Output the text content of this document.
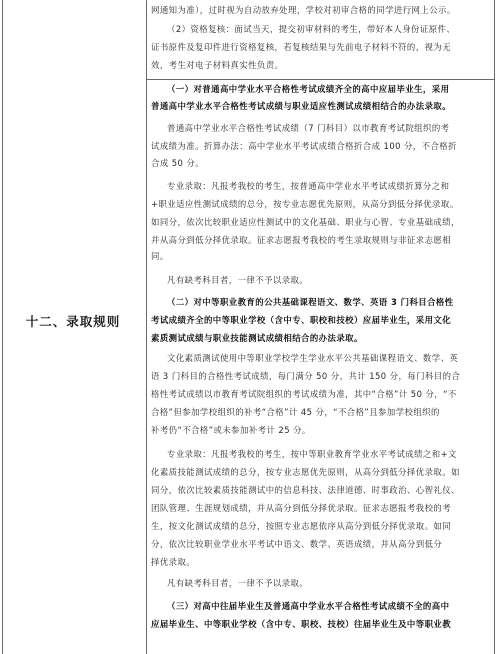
十二、录取规则
网通知为准），过时视为自动放弃处理，学校对初审合格的同学进行网上公示。
（2）资格复核：面试当天，提交初审材料的考生，带好本人身份证原件、
证书原件及复印件进行资格复核，若复核结果与先前电子材料不符的，视为无
效，考生对电子材料真实性负责。
（一）对普通高中学业水平合格性考试成绩齐全的高中应届毕业生，采用
普通高中学业水平合格性考试成绩与职业适应性测试成绩相结合的办法录取。
普通高中学业水平合格性考试成绩（7 门科目）以市教育考试院组织的考
试成绩为准。折算办法：高中学业水平考试成绩合格折合成 100 分，不合格折
合成 50 分。
专业录取：凡报考我校的考生，按普通高中学业水平考试成绩折算分之和
+职业适应性测试成绩的总分，按专业志愿优先原则，从高分到低分择优录取。
如同分，依次比较职业适应性测试中的文化基础、职业与心智、专业基础成绩，
并从高分到低分择优录取。征求志愿报考我校的考生录取规则与非征求志愿相
同。
凡有缺考科目者，一律不予以录取。
（二）对中等职业教育的公共基础课程语文、数学、英语 3 门科目合格性
考试成绩齐全的中等职业学校（含中专、职校和技校）应届毕业生，采用文化
素质测试成绩与职业技能测试成绩相结合的办法录取。
文化素质测试使用中等职业学校学生学业水平公共基础课程语文、数学、英
语 3 门科目的合格性考试成绩，每门满分 50 分，共计 150 分，每门科目的合
格性考试成绩以市教育考试院组织的考试成绩为准，其中“合格”计 50 分，“不
合格”但参加学校组织的补考“合格”计 45 分，“不合格”且参加学校组织的
补考仍“不合格”或未参加补考计 25 分。
专业录取：凡报考我校的考生，按中等职业教育学业水平考试成绩之和+文
化素质技能测试成绩的总分，按专业志愿优先原则，从高分到低分择优录取。如
同分，依次比较素质技能测试中的信息科技、法律道德、时事政治、心智礼仪、
团队管理、生涯规划成绩，并从高分到低分择优录取。征求志愿报考我校的考
生，按文化测试成绩的总分，按照专业志愿依序从高分到低分择优录取。如同
分，依次比较职业学业水平考试中语文、数学、英语成绩，并从高分到低分
择优录取。
凡有缺考科目者，一律不予以录取。
（三）对高中往届毕业生及普通高中学业水平合格性考试成绩不全的高中
应届毕业生、中等职业学校（含中专、职校、技校）往届毕业生及中等职业教
